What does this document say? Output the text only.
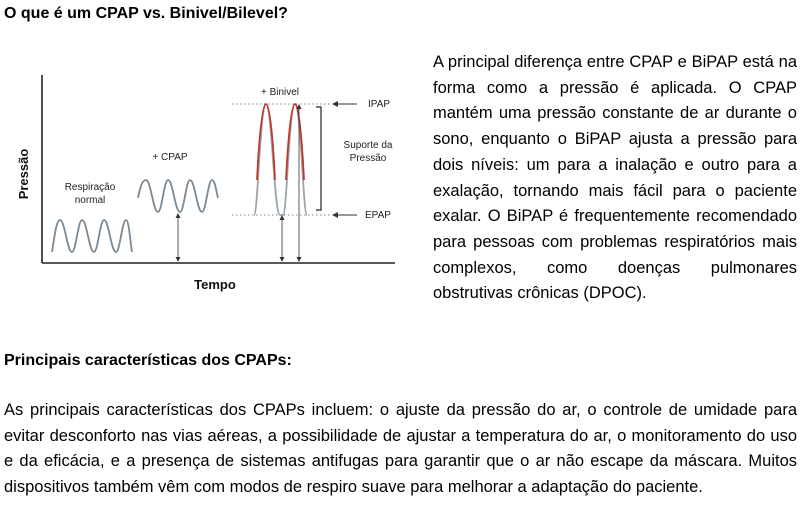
O que é um CPAP vs. Binivel/Bilevel?
Pressão
Tempo
Respiração
normal
+ CPAP
+ Binivel
Suporte da
Pressão
IPAP
EPAP

A principal diferença entre CPAP e BiPAP está na forma como a pressão é aplicada. O CPAP mantém uma pressão constante de ar durante o sono, enquanto o BiPAP ajusta a pressão para dois níveis: um para a inalação e outro para a exalação, tornando mais fácil para o paciente exalar. O BiPAP é frequentemente recomendado para pessoas com problemas respiratórios mais complexos, como doenças pulmonares obstrutivas crônicas (DPOC).

Principais características dos CPAPs:

As principais características dos CPAPs incluem: o ajuste da pressão do ar, o controle de umidade para evitar desconforto nas vias aéreas, a possibilidade de ajustar a temperatura do ar, o monitoramento do uso e da eficácia, e a presença de sistemas antifugas para garantir que o ar não escape da máscara. Muitos dispositivos também vêm com modos de respiro suave para melhorar a adaptação do paciente.
